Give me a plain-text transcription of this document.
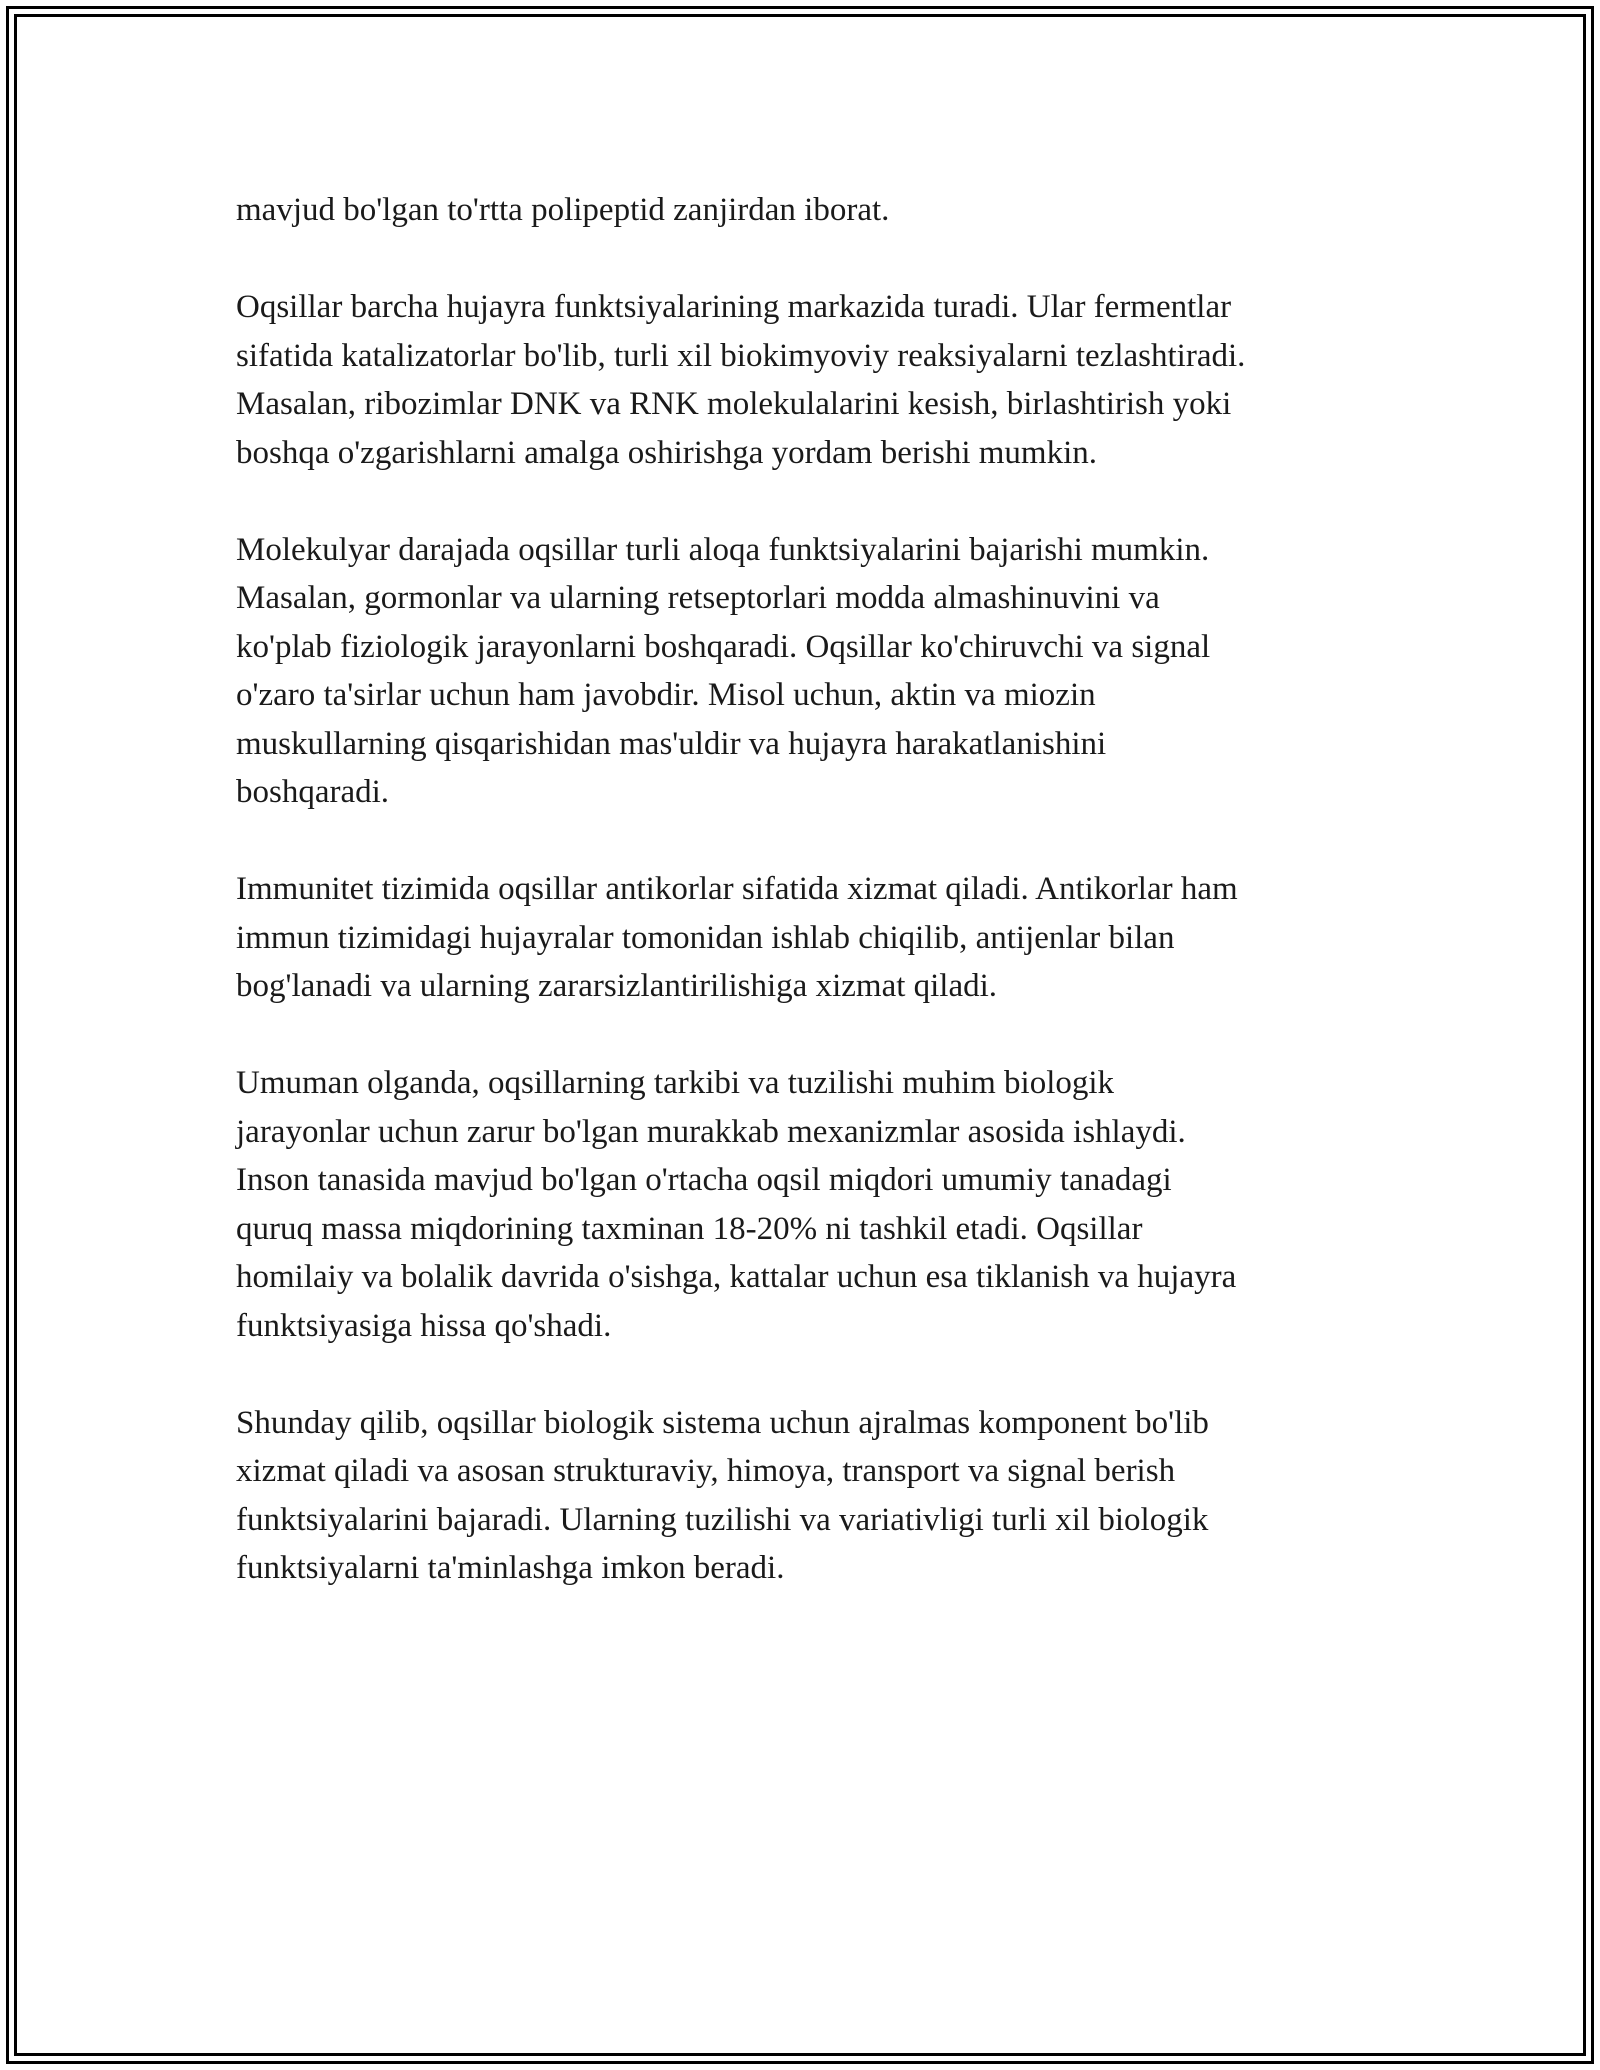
mavjud bo'lgan to'rtta polipeptid zanjirdan iborat.

Oqsillar barcha hujayra funktsiyalarining markazida turadi. Ular fermentlar
sifatida katalizatorlar bo'lib, turli xil biokimyoviy reaksiyalarni tezlashtiradi.
Masalan, ribozimlar DNK va RNK molekulalarini kesish, birlashtirish yoki
boshqa o'zgarishlarni amalga oshirishga yordam berishi mumkin.

Molekulyar darajada oqsillar turli aloqa funktsiyalarini bajarishi mumkin.
Masalan, gormonlar va ularning retseptorlari modda almashinuvini va
ko'plab fiziologik jarayonlarni boshqaradi. Oqsillar ko'chiruvchi va signal
o'zaro ta'sirlar uchun ham javobdir. Misol uchun, aktin va miozin
muskullarning qisqarishidan mas'uldir va hujayra harakatlanishini
boshqaradi.

Immunitet tizimida oqsillar antikorlar sifatida xizmat qiladi. Antikorlar ham
immun tizimidagi hujayralar tomonidan ishlab chiqilib, antijenlar bilan
bog'lanadi va ularning zararsizlantirilishiga xizmat qiladi.

Umuman olganda, oqsillarning tarkibi va tuzilishi muhim biologik
jarayonlar uchun zarur bo'lgan murakkab mexanizmlar asosida ishlaydi.
Inson tanasida mavjud bo'lgan o'rtacha oqsil miqdori umumiy tanadagi
quruq massa miqdorining taxminan 18-20% ni tashkil etadi. Oqsillar
homilaiy va bolalik davrida o'sishga, kattalar uchun esa tiklanish va hujayra
funktsiyasiga hissa qo'shadi.

Shunday qilib, oqsillar biologik sistema uchun ajralmas komponent bo'lib
xizmat qiladi va asosan strukturaviy, himoya, transport va signal berish
funktsiyalarini bajaradi. Ularning tuzilishi va variativligi turli xil biologik
funktsiyalarni ta'minlashga imkon beradi.
